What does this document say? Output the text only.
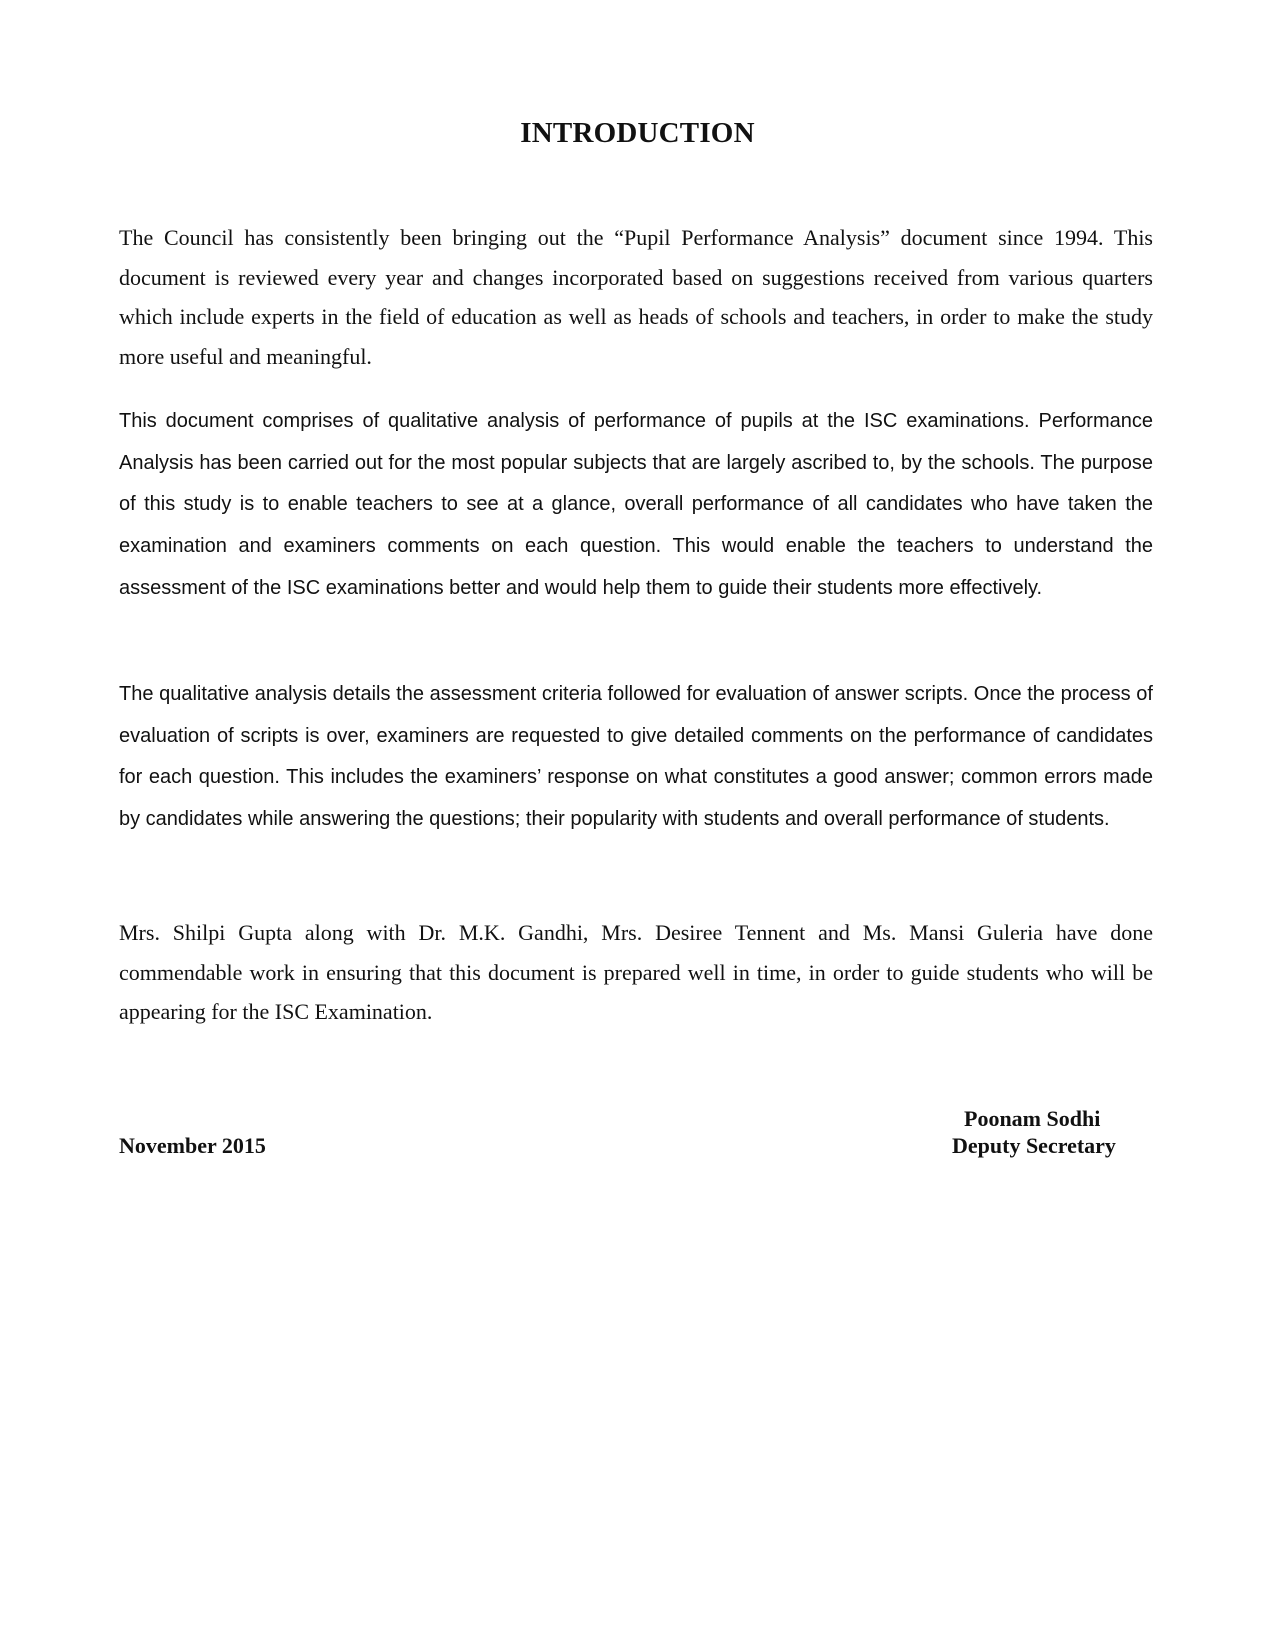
INTRODUCTION

The Council has consistently been bringing out the “Pupil Performance Analysis” document since 1994. This document is reviewed every year and changes incorporated based on suggestions received from various quarters which include experts in the field of education as well as heads of schools and teachers, in order to make the study more useful and meaningful.

This document comprises of qualitative analysis of performance of pupils at the ISC examinations. Performance Analysis has been carried out for the most popular subjects that are largely ascribed to, by the schools. The purpose of this study is to enable teachers to see at a glance, overall performance of all candidates who have taken the examination and examiners comments on each question. This would enable the teachers to understand the assessment of the ISC examinations better and would help them to guide their students more effectively.

The qualitative analysis details the assessment criteria followed for evaluation of answer scripts. Once the process of evaluation of scripts is over, examiners are requested to give detailed comments on the performance of candidates for each question. This includes the examiners’ response on what constitutes a good answer; common errors made by candidates while answering the questions; their popularity with students and overall performance of students.

Mrs. Shilpi Gupta along with Dr. M.K. Gandhi, Mrs. Desiree Tennent and Ms. Mansi Guleria have done commendable work in ensuring that this document is prepared well in time, in order to guide students who will be appearing for the ISC Examination.

November 2015
Poonam Sodhi
Deputy Secretary
